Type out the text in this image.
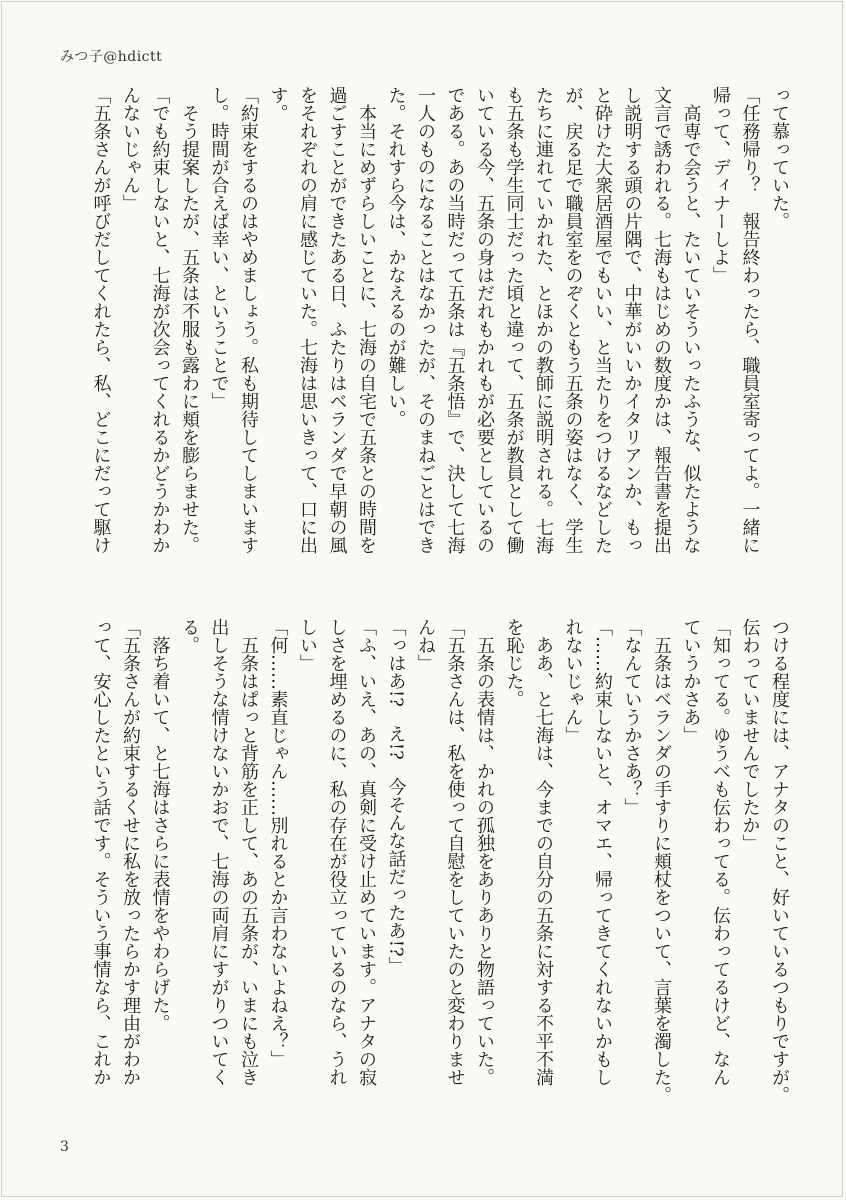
みつ子@hdictt
って慕っていた。
「任務帰り？　報告終わったら、職員室寄ってよ。一緒に
帰って、ディナーしよ」
　高専で会うと、たいていそういったふうな、似たような
文言で誘われる。七海もはじめの数度かは、報告書を提出
し説明する頭の片隅で、中華がいいかイタリアンか、もっ
と砕けた大衆居酒屋でもいい、と当たりをつけるなどした
が、戻る足で職員室をのぞくともう五条の姿はなく、学生
たちに連れていかれた、とほかの教師に説明される。七海
も五条も学生同士だった頃と違って、五条が教員として働
いている今、五条の身はだれもかれもが必要としているの
である。あの当時だって五条は『五条悟』で、決して七海
一人のものになることはなかったが、そのまねごとはでき
た。それすら今は、かなえるのが難しい。
　本当にめずらしいことに、七海の自宅で五条との時間を
過ごすことができたある日、ふたりはベランダで早朝の風
をそれぞれの肩に感じていた。七海は思いきって、口に出
す。
「約束をするのはやめましょう。私も期待してしまいます
し。時間が合えば幸い、ということで」
　そう提案したが、五条は不服も露わに頬を膨らませた。
「でも約束しないと、七海が次会ってくれるかどうかわか
んないじゃん」
「五条さんが呼びだしてくれたら、私、どこにだって駆け
つける程度には、アナタのこと、好いているつもりですが。
伝わっていませんでしたか」
「知ってる。ゆうべも伝わってる。伝わってるけど、なん
ていうかさあ」
　五条はベランダの手すりに頬杖をついて、言葉を濁した。
「なんていうかさあ？」
「……約束しないと、オマエ、帰ってきてくれないかもし
れないじゃん」
　ああ、と七海は、今までの自分の五条に対する不平不満
を恥じた。
　五条の表情は、かれの孤独をありありと物語っていた。
「五条さんは、私を使って自慰をしていたのと変わりませ
んね」
「っはあ!?　え!?　今そんな話だったあ!?」
「ふ、いえ、あの、真剣に受け止めています。アナタの寂
しさを埋めるのに、私の存在が役立っているのなら、うれ
しい」
「何……素直じゃん……別れるとか言わないよねえ？」
　五条はぱっと背筋を正して、あの五条が、いまにも泣き
出しそうな情けないかおで、七海の両肩にすがりついてく
る。
　落ち着いて、と七海はさらに表情をやわらげた。
「五条さんが約束するくせに私を放ったらかす理由がわか
って、安心したという話です。そういう事情なら、これか
3
